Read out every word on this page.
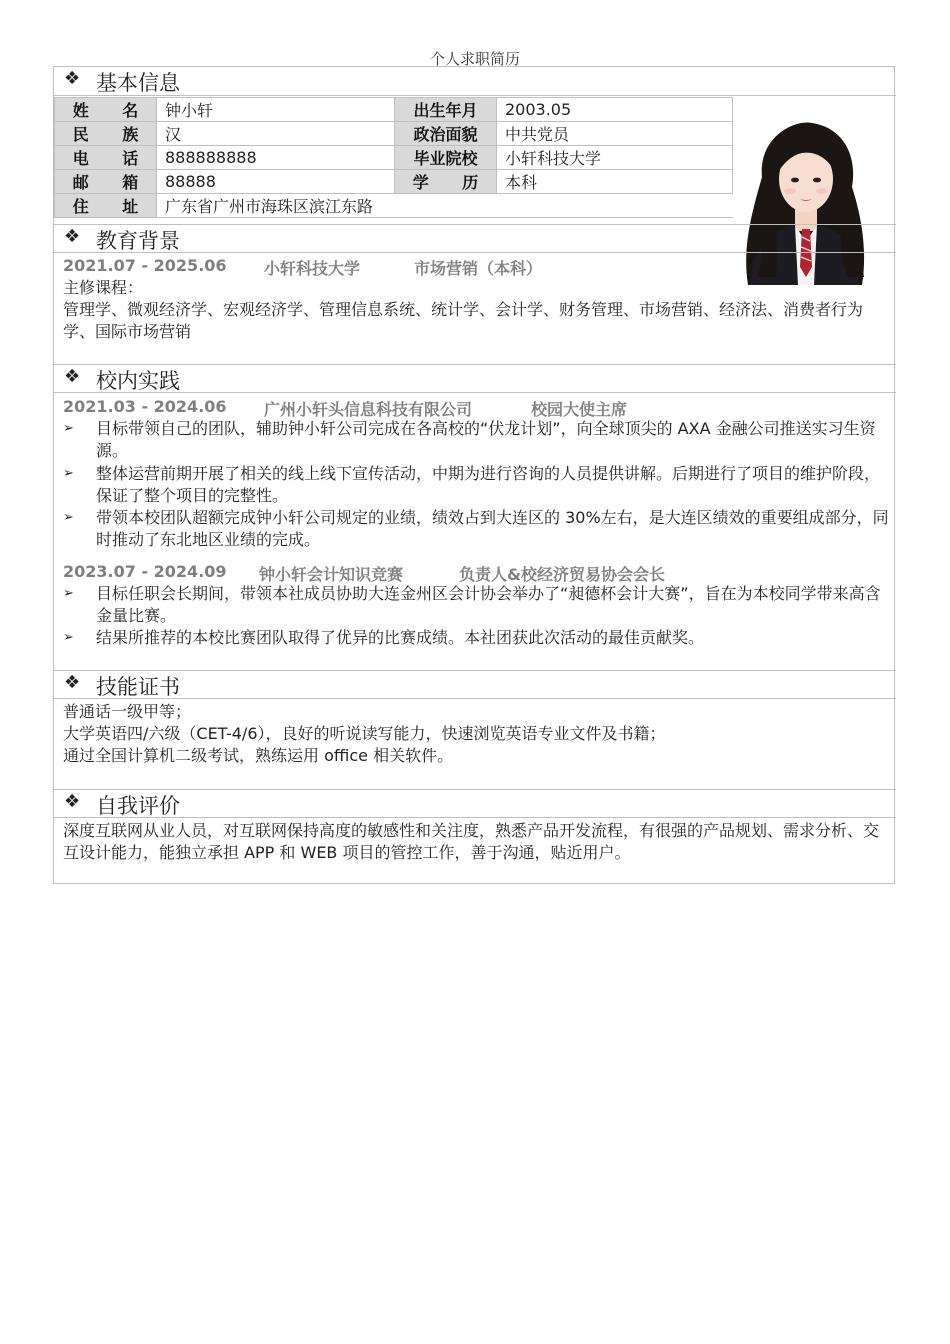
个人求职简历
❖ 基本信息
姓 名	钟小轩	出生年月	2003.05
民 族	汉	政治面貌	中共党员
电 话	888888888	毕业院校	小轩科技大学
邮 箱	88888	学 历	本科
住 址	广东省广州市海珠区滨江东路		
❖ 教育背景
2021.07 - 2025.06 小轩科技大学	市场营销（本科）
主修课程：
管理学、微观经济学、宏观经济学、管理信息系统、统计学、会计学、财务管理、市场营销、经济法、消费者行为学、国际市场营销
❖ 校内实践
2021.03 - 2024.06 广州小轩头信息科技有限公司	校园大使主席
➢ 目标带领自己的团队，辅助钟小轩公司完成在各高校的“伏龙计划”，向全球顶尖的 AXA 金融公司推送实习生资源。
➢ 整体运营前期开展了相关的线上线下宣传活动，中期为进行咨询的人员提供讲解。后期进行了项目的维护阶段，保证了整个项目的完整性。
➢ 带领本校团队超额完成钟小轩公司规定的业绩，绩效占到大连区的 30%左右，是大连区绩效的重要组成部分，同时推动了东北地区业绩的完成。
2023.07 - 2024.09 钟小轩会计知识竞赛	负责人&校经济贸易协会会长
➢ 目标任职会长期间，带领本社成员协助大连金州区会计协会举办了“昶德杯会计大赛”，旨在为本校同学带来高含金量比赛。
➢ 结果所推荐的本校比赛团队取得了优异的比赛成绩。本社团获此次活动的最佳贡献奖。
❖ 技能证书
普通话一级甲等；
大学英语四/六级（CET-4/6），良好的听说读写能力，快速浏览英语专业文件及书籍；
通过全国计算机二级考试，熟练运用 office 相关软件。
❖ 自我评价
深度互联网从业人员，对互联网保持高度的敏感性和关注度，熟悉产品开发流程，有很强的产品规划、需求分析、交互设计能力，能独立承担 APP 和 WEB 项目的管控工作，善于沟通，贴近用户。
